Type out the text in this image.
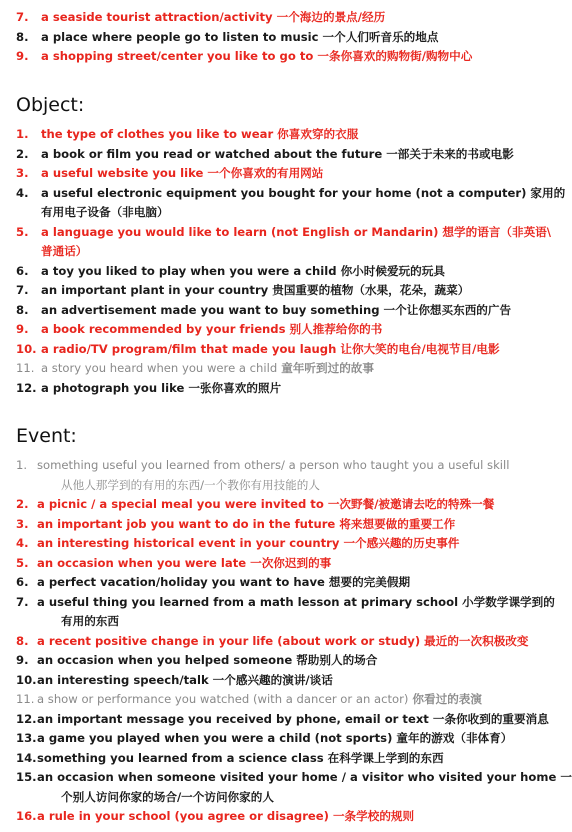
7. a seaside tourist attraction/activity 一个海边的景点/经历
8. a place where people go to listen to music 一个人们听音乐的地点
9. a shopping street/center you like to go to 一条你喜欢的购物街/购物中心
Object:
1. the type of clothes you like to wear 你喜欢穿的衣服
2. a book or film you read or watched about the future 一部关于未来的书或电影
3. a useful website you like 一个你喜欢的有用网站
4. a useful electronic equipment you bought for your home (not a computer) 家用的
有用电子设备（非电脑）
5. a language you would like to learn (not English or Mandarin) 想学的语言（非英语\
普通话）
6. a toy you liked to play when you were a child 你小时候爱玩的玩具
7. an important plant in your country 贵国重要的植物（水果，花朵，蔬菜）
8. an advertisement made you want to buy something 一个让你想买东西的广告
9. a book recommended by your friends 别人推荐给你的书
10. a radio/TV program/film that made you laugh 让你大笑的电台/电视节目/电影
11. a story you heard when you were a child 童年听到过的故事
12. a photograph you like 一张你喜欢的照片
Event:
1. something useful you learned from others/ a person who taught you a useful skill
从他人那学到的有用的东西/一个教你有用技能的人
2. a picnic / a special meal you were invited to 一次野餐/被邀请去吃的特殊一餐
3. an important job you want to do in the future 将来想要做的重要工作
4. an interesting historical event in your country 一个感兴趣的历史事件
5. an occasion when you were late 一次你迟到的事
6. a perfect vacation/holiday you want to have 想要的完美假期
7. a useful thing you learned from a math lesson at primary school 小学数学课学到的
有用的东西
8. a recent positive change in your life (about work or study) 最近的一次积极改变
9. an occasion when you helped someone 帮助别人的场合
10. an interesting speech/talk 一个感兴趣的演讲/谈话
11. a show or performance you watched (with a dancer or an actor) 你看过的表演
12. an important message you received by phone, email or text 一条你收到的重要消息
13. a game you played when you were a child (not sports) 童年的游戏（非体育）
14. something you learned from a science class 在科学课上学到的东西
15. an occasion when someone visited your home / a visitor who visited your home 一
个别人访问你家的场合/一个访问你家的人
16. a rule in your school (you agree or disagree) 一条学校的规则
